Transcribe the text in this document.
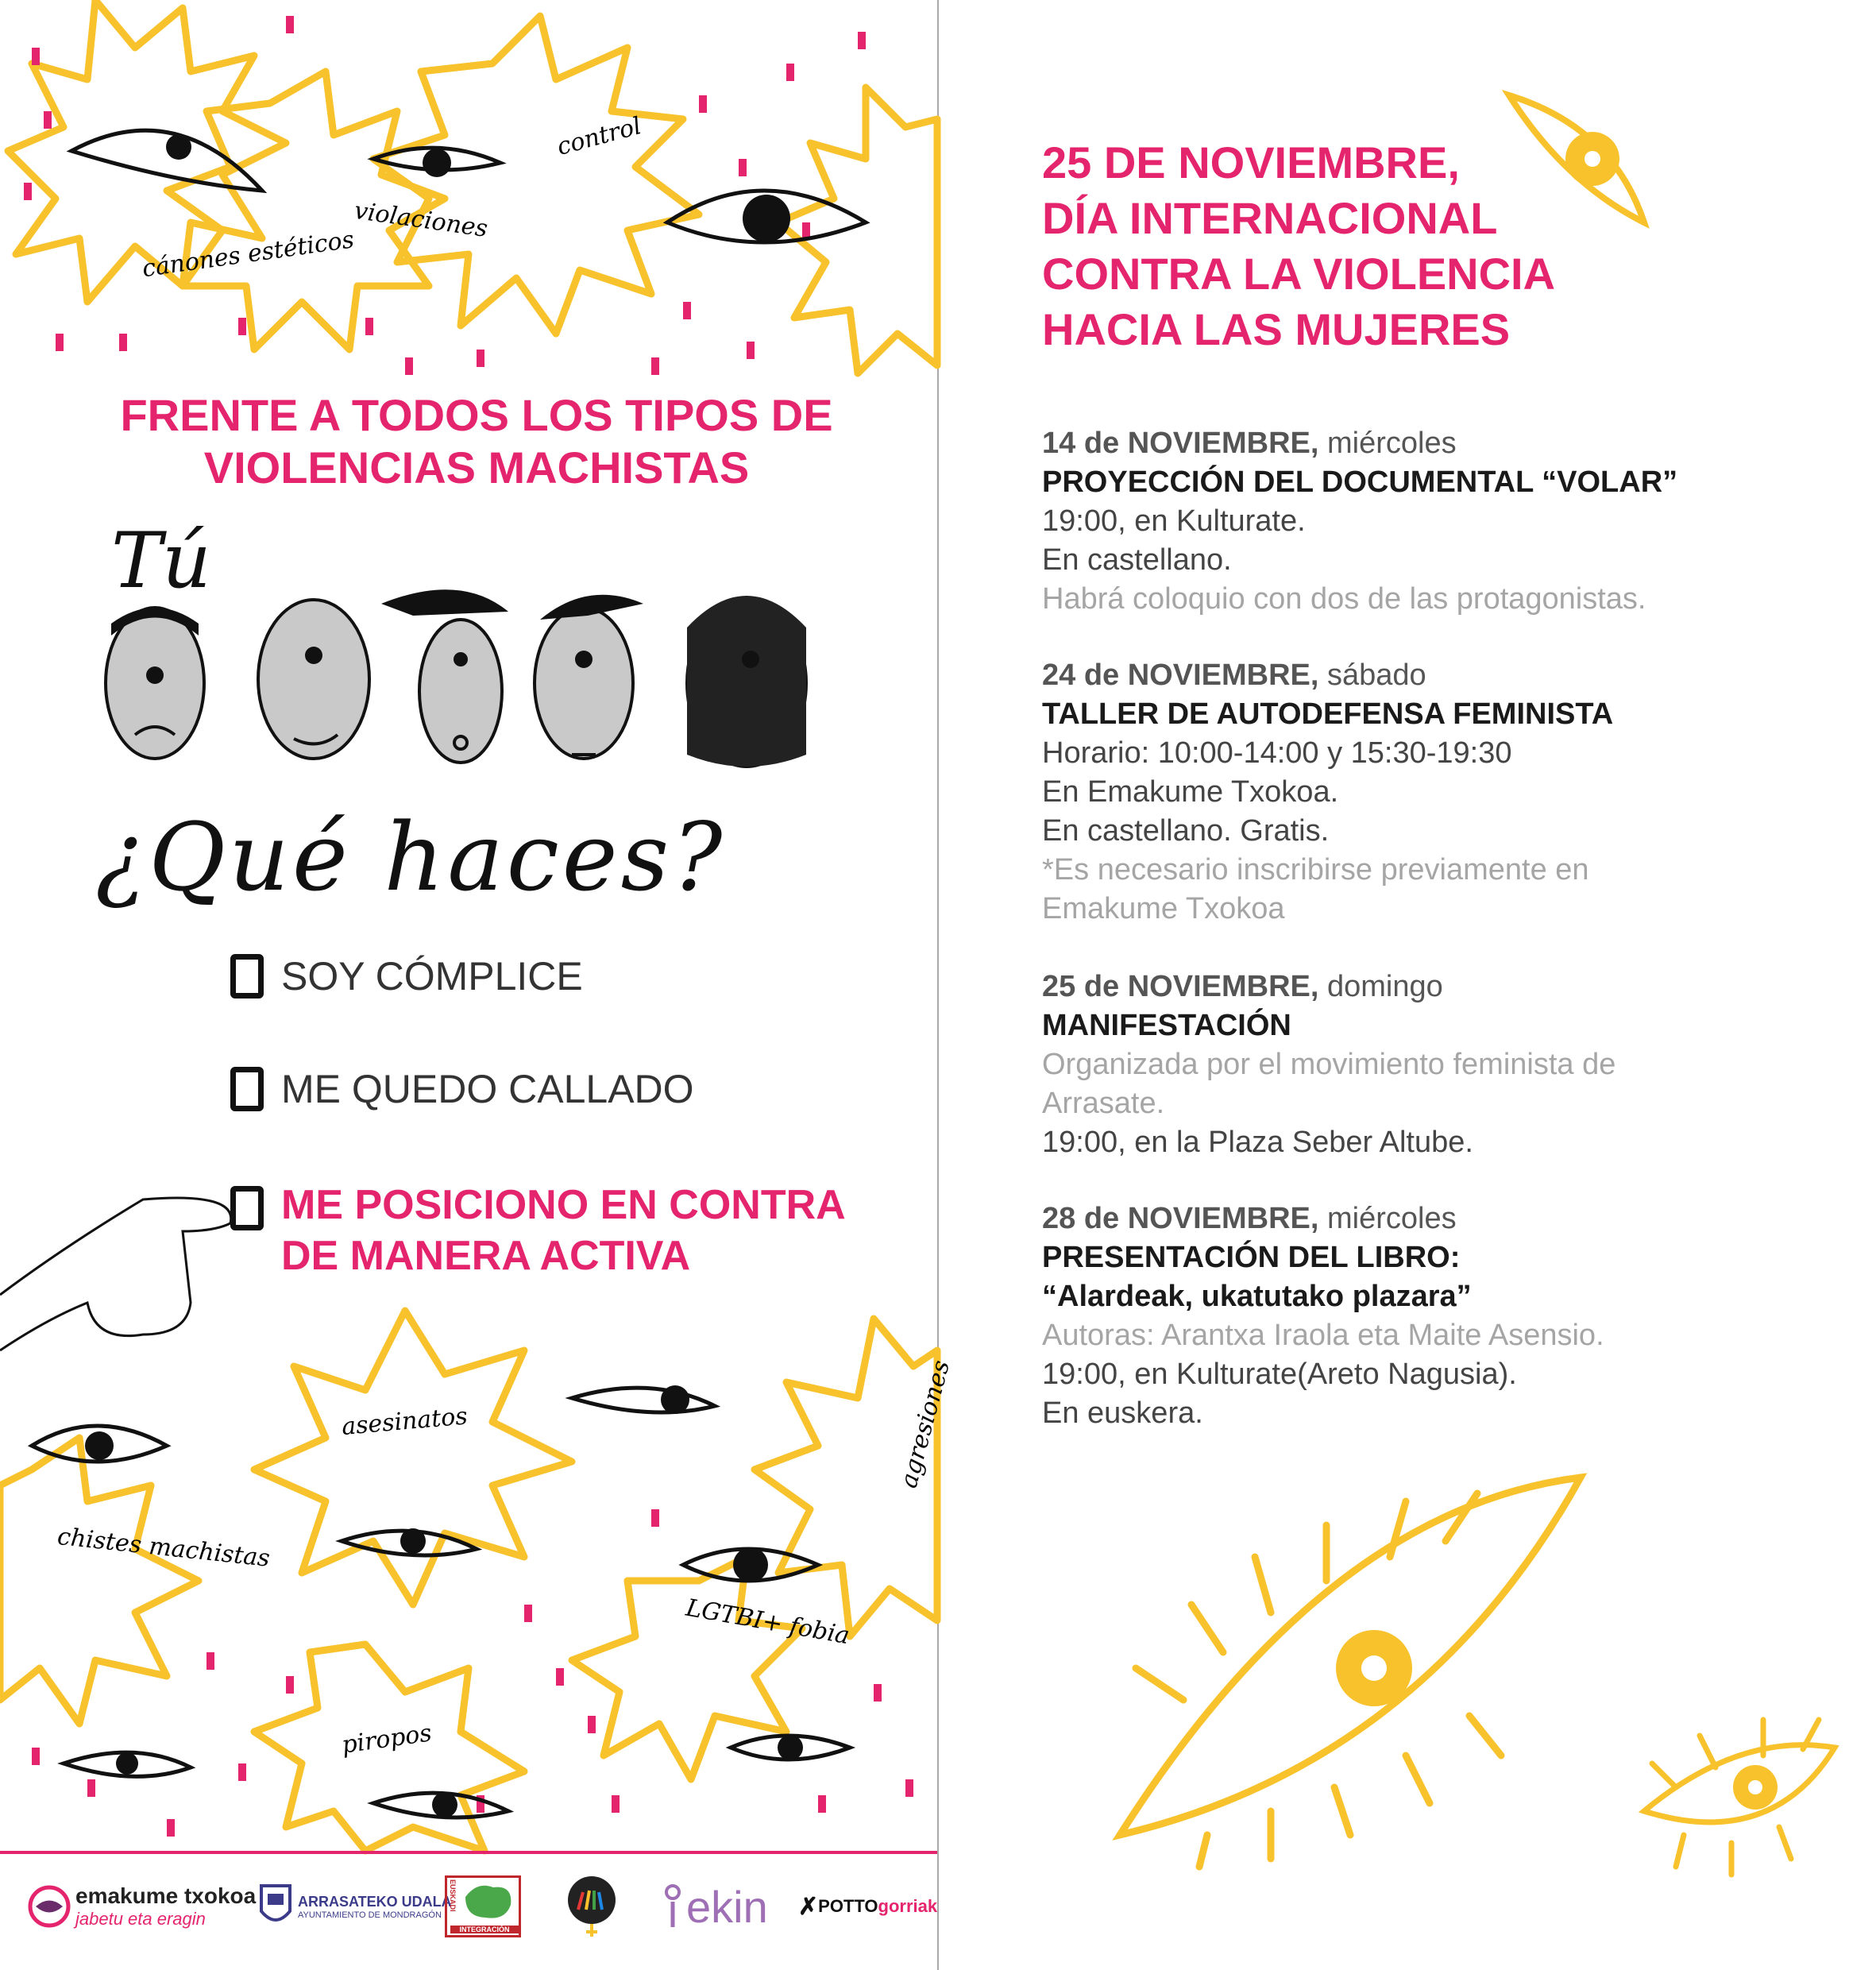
control
violaciones
cánones estéticos
FRENTE A TODOS LOS TIPOS DE VIOLENCIAS MACHISTAS
Tú
¿Qué haces?
SOY CÓMPLICE
ME QUEDO CALLADO
ME POSICIONO EN CONTRA DE MANERA ACTIVA
asesinatos	agresiones
chistes machistas
LGTBI+ fobia
piropos
emakume txokoa
jabetu eta eragin
ARRASATEKO UDALA
AYUNTAMIENTO DE MONDRAGÓN
EUSKADI
INTEGRACIÓN	ekin ✗ POTTO gorriak
25 DE NOVIEMBRE,
DÍA INTERNACIONAL
CONTRA LA VIOLENCIA
HACIA LAS MUJERES
14 de NOVIEMBRE, miércoles
PROYECCIÓN DEL DOCUMENTAL “VOLAR”
19:00, en Kulturate.
En castellano.
Habrá coloquio con dos de las protagonistas.
24 de NOVIEMBRE, sábado
TALLER DE AUTODEFENSA FEMINISTA
Horario: 10:00-14:00 y 15:30-19:30
En Emakume Txokoa.
En castellano. Gratis.
*Es necesario inscribirse previamente en
Emakume Txokoa
25 de NOVIEMBRE, domingo
MANIFESTACIÓN
Organizada por el movimiento feminista de
Arrasate.
19:00, en la Plaza Seber Altube.
28 de NOVIEMBRE, miércoles
PRESENTACIÓN DEL LIBRO:
“Alardeak, ukatutako plazara”
Autoras: Arantxa Iraola eta Maite Asensio.
19:00, en Kulturate(Areto Nagusia).
En euskera.
